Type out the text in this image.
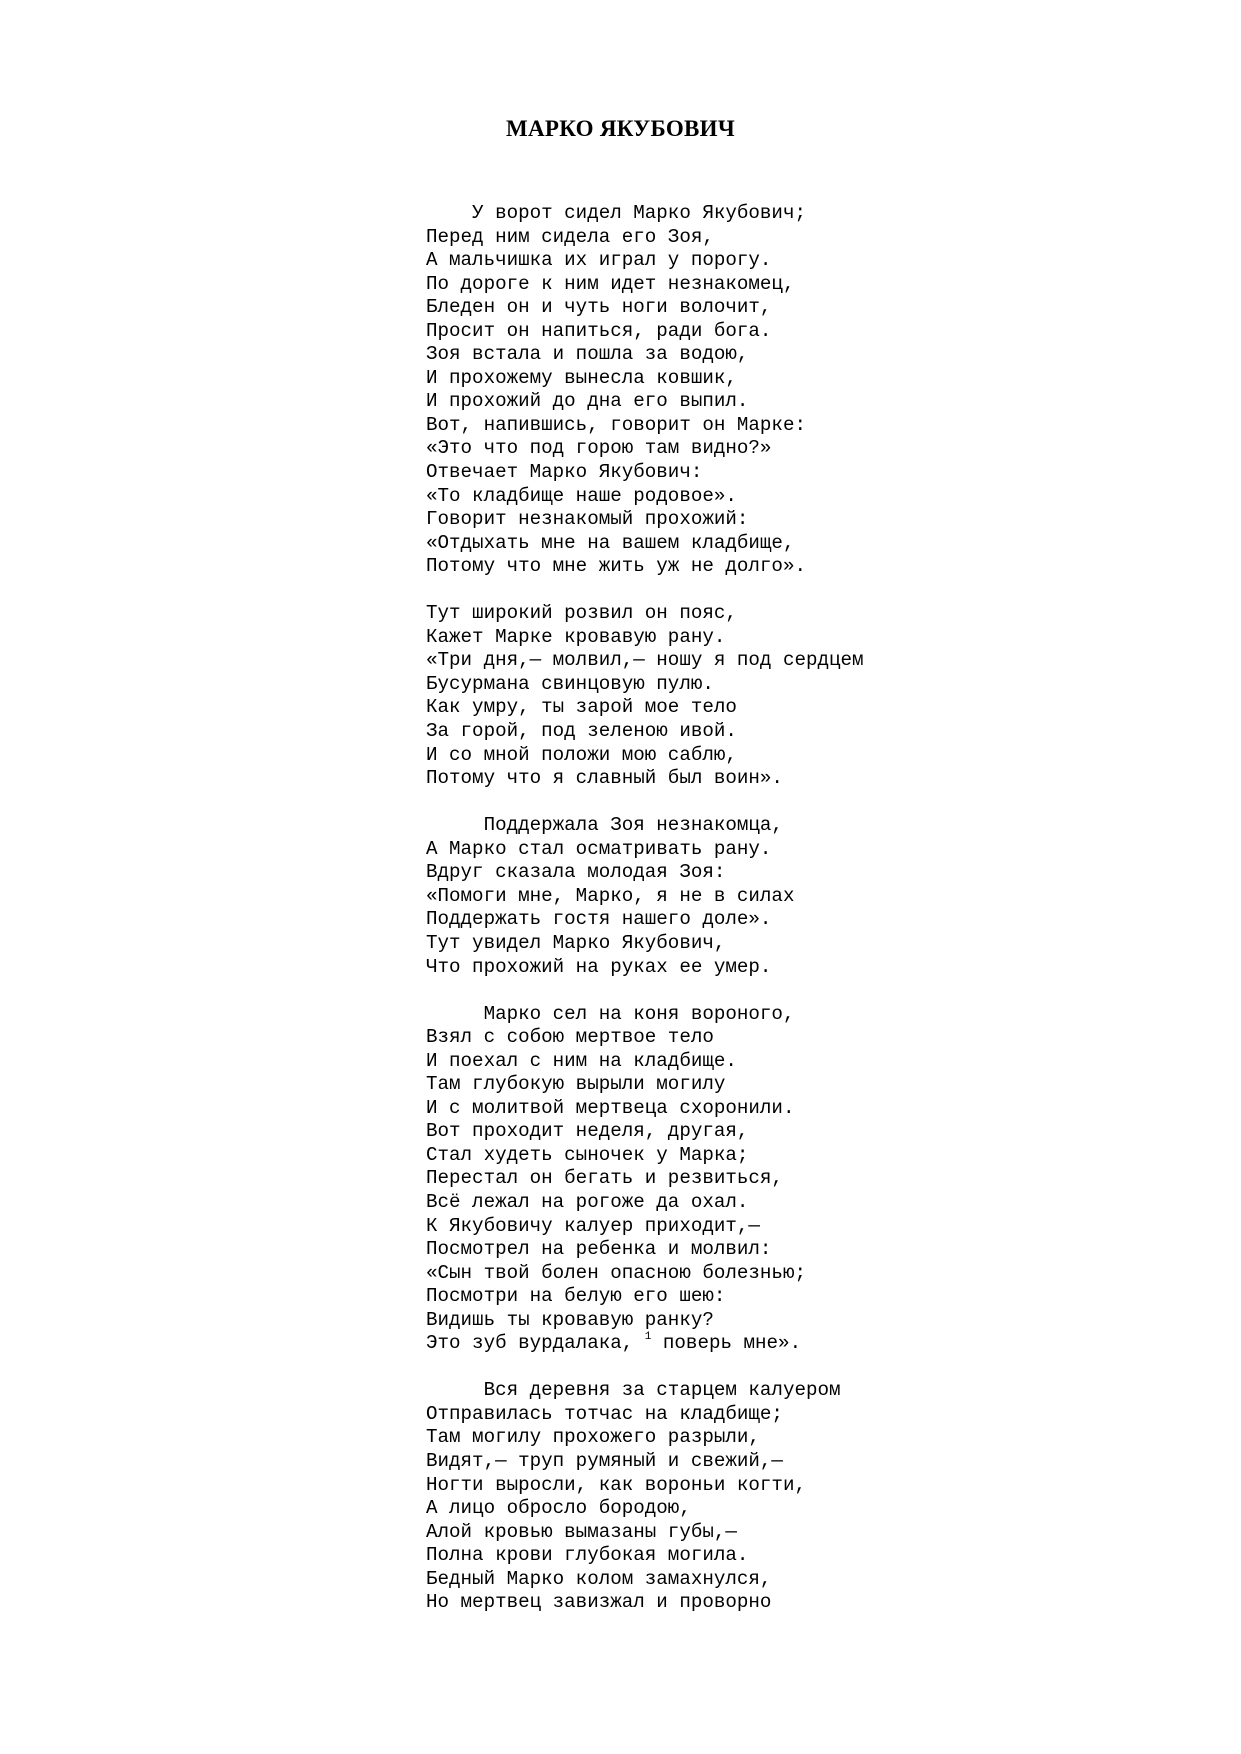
МАРКО ЯКУБОВИЧ
У ворот сидел Марко Якубович;
Перед ним сидела его Зоя,
А мальчишка их играл у порогу.
По дороге к ним идет незнакомец,
Бледен он и чуть ноги волочит,
Просит он напиться, ради бога.
Зоя встала и пошла за водою,
И прохожему вынесла ковшик,
И прохожий до дна его выпил.
Вот, напившись, говорит он Марке:
«Это что под горою там видно?»
Отвечает Марко Якубович:
«То кладбище наше родовое».
Говорит незнакомый прохожий:
«Отдыхать мне на вашем кладбище,
Потому что мне жить уж не долго».
Тут широкий розвил он пояс,
Кажет Марке кровавую рану.
«Три дня,— молвил,— ношу я под сердцем
Бусурмана свинцовую пулю.
Как умру, ты зарой мое тело
За горой, под зеленою ивой.
И со мной положи мою саблю,
Потому что я славный был воин».
Поддержала Зоя незнакомца,
А Марко стал осматривать рану.
Вдруг сказала молодая Зоя:
«Помоги мне, Марко, я не в силах
Поддержать гостя нашего доле».
Тут увидел Марко Якубович,
Что прохожий на руках ее умер.
Марко сел на коня вороного,
Взял с собою мертвое тело
И поехал с ним на кладбище.
Там глубокую вырыли могилу
И с молитвой мертвеца схоронили.
Вот проходит неделя, другая,
Стал худеть сыночек у Марка;
Перестал он бегать и резвиться,
Всё лежал на рогоже да охал.
К Якубовичу калуер приходит,—
Посмотрел на ребенка и молвил:
«Сын твой болен опасною болезнью;
Посмотри на белую его шею:
Видишь ты кровавую ранку?
Это зуб вурдалака, $^1$ поверь мне».
Вся деревня за старцем калуером
Отправилась тотчас на кладбище;
Там могилу прохожего разрыли,
Видят,— труп румяный и свежий,—
Ногти выросли, как вороньи когти,
А лицо обросло бородою,
Алой кровью вымазаны губы,—
Полна крови глубокая могила.
Бедный Марко колом замахнулся,
Но мертвец завизжал и проворно
